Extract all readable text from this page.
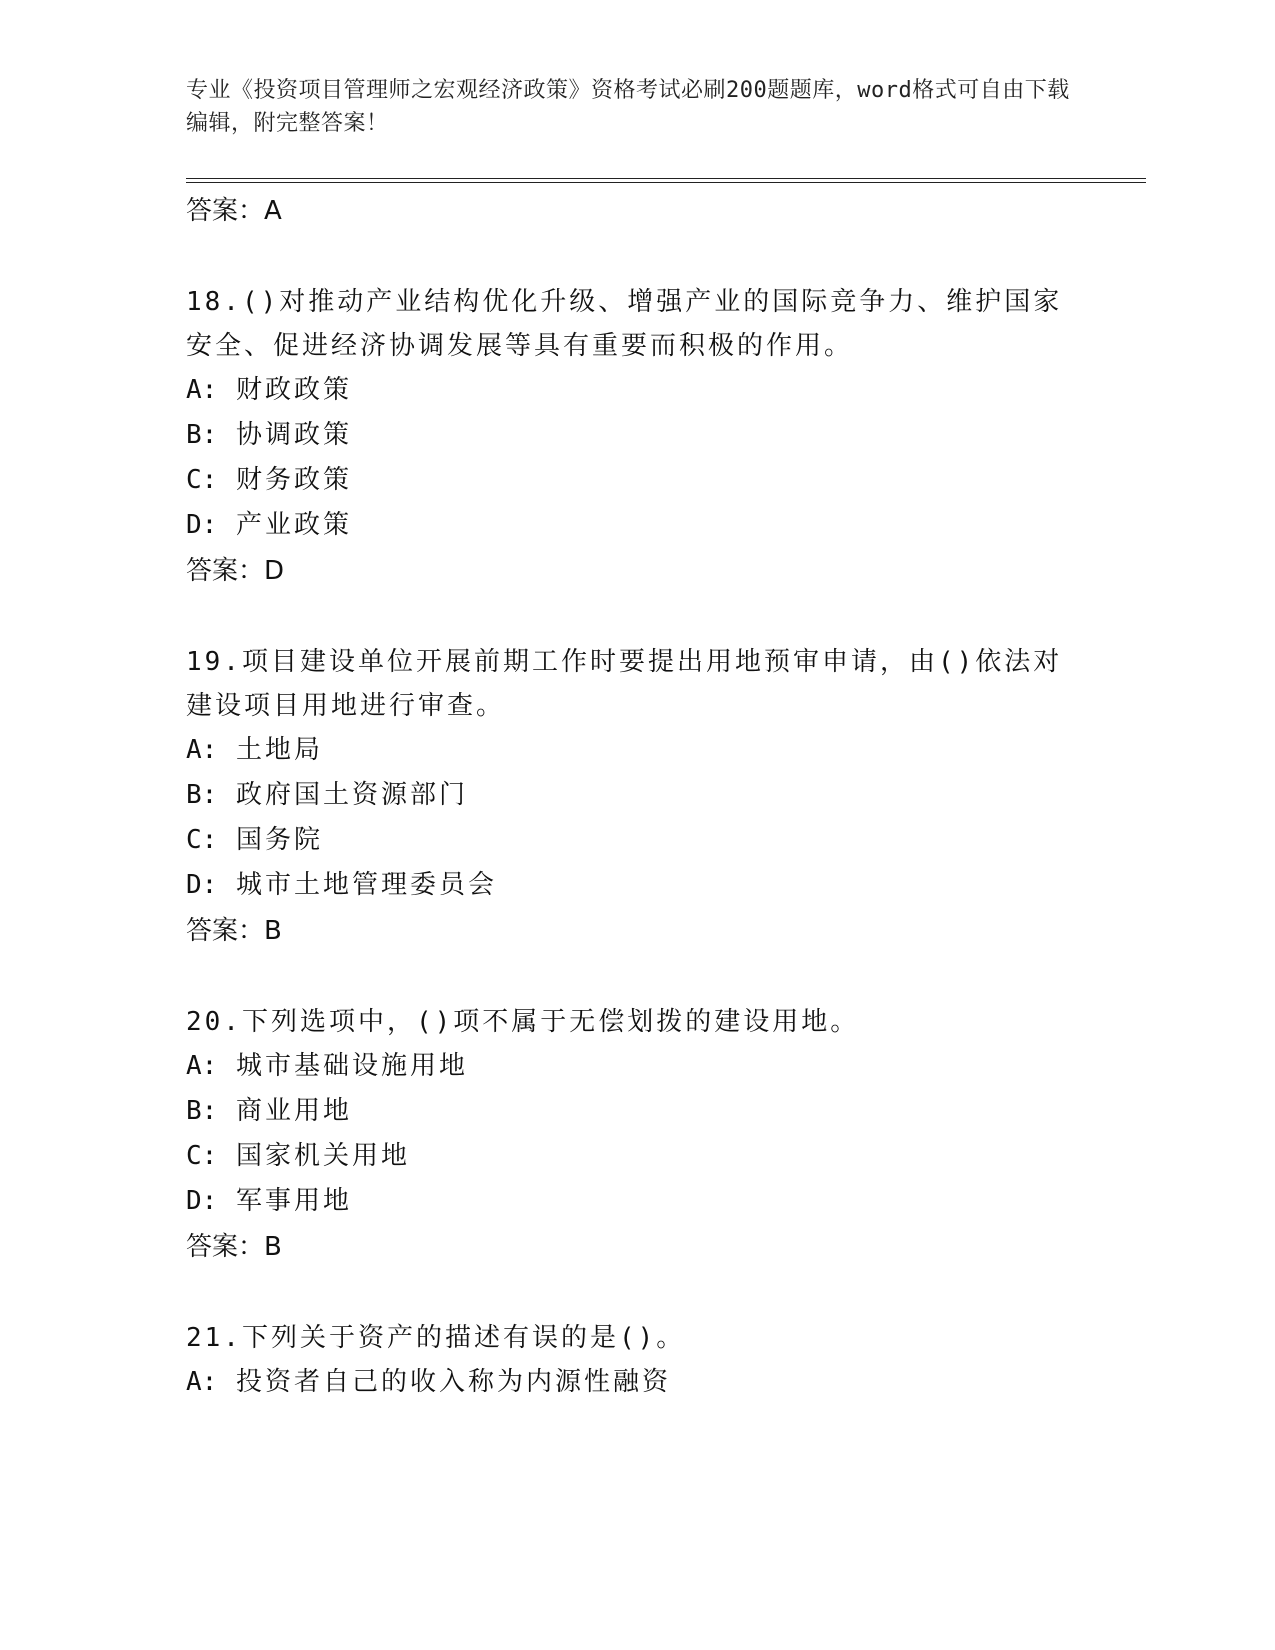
专业《投资项目管理师之宏观经济政策》资格考试必刷200题题库，word格式可自由下载编辑，附完整答案！
答案：A
18.()对推动产业结构优化升级、增强产业的国际竞争力、维护国家安全、促进经济协调发展等具有重要而积极的作用。
A: 财政政策
B: 协调政策
C: 财务政策
D: 产业政策
答案：D
19.项目建设单位开展前期工作时要提出用地预审申请，由()依法对建设项目用地进行审查。
A: 土地局
B: 政府国土资源部门
C: 国务院
D: 城市土地管理委员会
答案：B
20.下列选项中，()项不属于无偿划拨的建设用地。
A: 城市基础设施用地
B: 商业用地
C: 国家机关用地
D: 军事用地
答案：B
21.下列关于资产的描述有误的是()。
A: 投资者自己的收入称为内源性融资
